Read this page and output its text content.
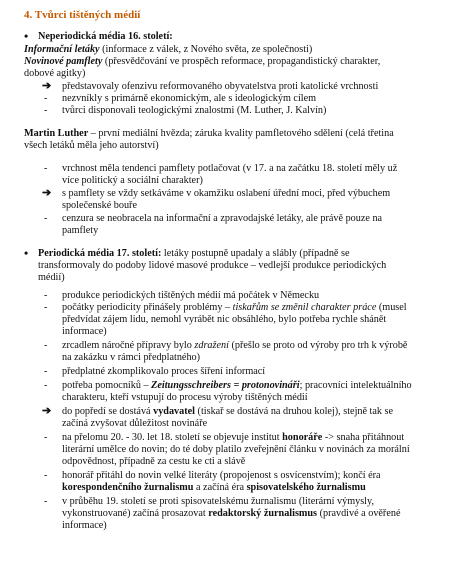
4. Tvůrci tištěných médií
• Neperiodická média 16. století:
Informační letáky (informace z válek, z Nového světa, ze společnosti)
Novinové pamflety (přesvědčování ve prospěch reformace, propagandistický charakter,
dobové agitky)
➔ představovaly ofenzivu reformovaného obyvatelstva proti katolické vrchnosti
- nezvníkly s primárně ekonomickým, ale s ideologickým cílem
- tvůrci disponovali teologickými znalostmi (M. Luther, J. Kalvín)
Martin Luther – první mediální hvězda; záruka kvality pamfletového sdělení (celá třetina
všech letáků měla jeho autorství)
- vrchnost měla tendenci pamflety potlačovat (v 17. a na začátku 18. století měly už
více politický a sociální charakter)
➔ s pamflety se vždy setkáváme v okamžiku oslabení úřední moci, před výbuchem
společenské bouře
- cenzura se neobracela na informační a zpravodajské letáky, ale právě pouze na
pamflety
• Periodická média 17. století: letáky postupně upadaly a slábly (případně se
transformovaly do podoby lidové masové produkce – vedlejší produkce periodických
médií)
- produkce periodických tištěných médií má počátek v Německu
- počátky periodicity přinášely problémy – tiskařům se změnil charakter práce (musel
předvídat zájem lidu, nemohl vyrábět nic obsáhlého, bylo potřeba rychle shánět
informace)
- zrcadlem náročné přípravy bylo zdražení (přešlo se proto od výroby pro trh k výrobě
na zakázku v rámci předplatného)
- předplatné zkomplikovalo proces šíření informací
- potřeba pomocníků – Zeitungsschreibers = protonovináři; pracovníci intelektuálního
charakteru, kteří vstupují do procesu výroby tištěných médií
➔ do popředí se dostává vydavatel (tiskař se dostává na druhou kolej), stejně tak se
začíná zvyšovat důležitost novináře
- na přelomu 20. - 30. let 18. století se objevuje institut honoráře -> snaha přitáhnout
literární umělce do novin; do té doby platilo zveřejnění článku v novinách za morální
odpovědnost, případně za cestu ke cti a slávě
- honorář přitáhl do novin velké literáty (propojenost s osvícenstvím); končí éra
korespondenčního žurnalismu a začíná éra spisovatelského žurnalismu
- v průběhu 19. století se proti spisovatelskému žurnalismu (literární výmysly,
vykonstruované) začíná prosazovat redaktorský žurnalismus (pravdivé a ověřené
informace)
